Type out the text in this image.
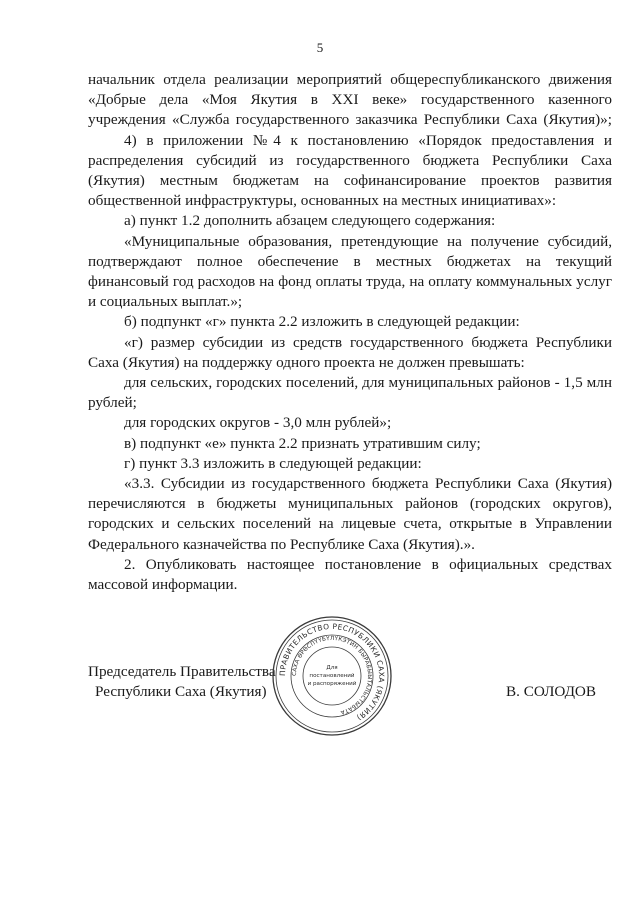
5

начальник отдела реализации мероприятий общереспубликанского движения «Добрые дела «Моя Якутия в XXI веке» государственного казенного учреждения «Служба государственного заказчика Республики Саха (Якутия)»;

4) в приложении №4 к постановлению «Порядок предоставления и распределения субсидий из государственного бюджета Республики Саха (Якутия) местным бюджетам на софинансирование проектов развития общественной инфраструктуры, основанных на местных инициативах»:

а) пункт 1.2 дополнить абзацем следующего содержания:

«Муниципальные образования, претендующие на получение субсидий, подтверждают полное обеспечение в местных бюджетах на текущий финансовый год расходов на фонд оплаты труда, на оплату коммунальных услуг и социальных выплат.»;

б) подпункт «г» пункта 2.2 изложить в следующей редакции:

«г) размер субсидии из средств государственного бюджета Республики Саха (Якутия) на поддержку одного проекта не должен превышать:

для сельских, городских поселений, для муниципальных районов - 1,5 млн рублей;

для городских округов - 3,0 млн рублей»;

в) подпункт «е» пункта 2.2 признать утратившим силу;

г) пункт 3.3 изложить в следующей редакции:

«3.3. Субсидии из государственного бюджета Республики Саха (Якутия) перечисляются в бюджеты муниципальных районов (городских округов), городских и сельских поселений на лицевые счета, открытые в Управлении Федерального казначейства по Республике Саха (Якутия).».

2. Опубликовать настоящее постановление в официальных средствах массовой информации.

Председатель Правительства
Республики Саха (Якутия)	В. СОЛОДОВ
ПРАВИТЕЛЬСТВО РЕСПУБЛИКИ САХА (ЯКУТИЯ)
САХА ӨРӨСПҮҮБҮЛҮКЭТИН БЫРАБЫЫТАЛЬСТЫБАТА
Для
постановлений
и распоряжений
